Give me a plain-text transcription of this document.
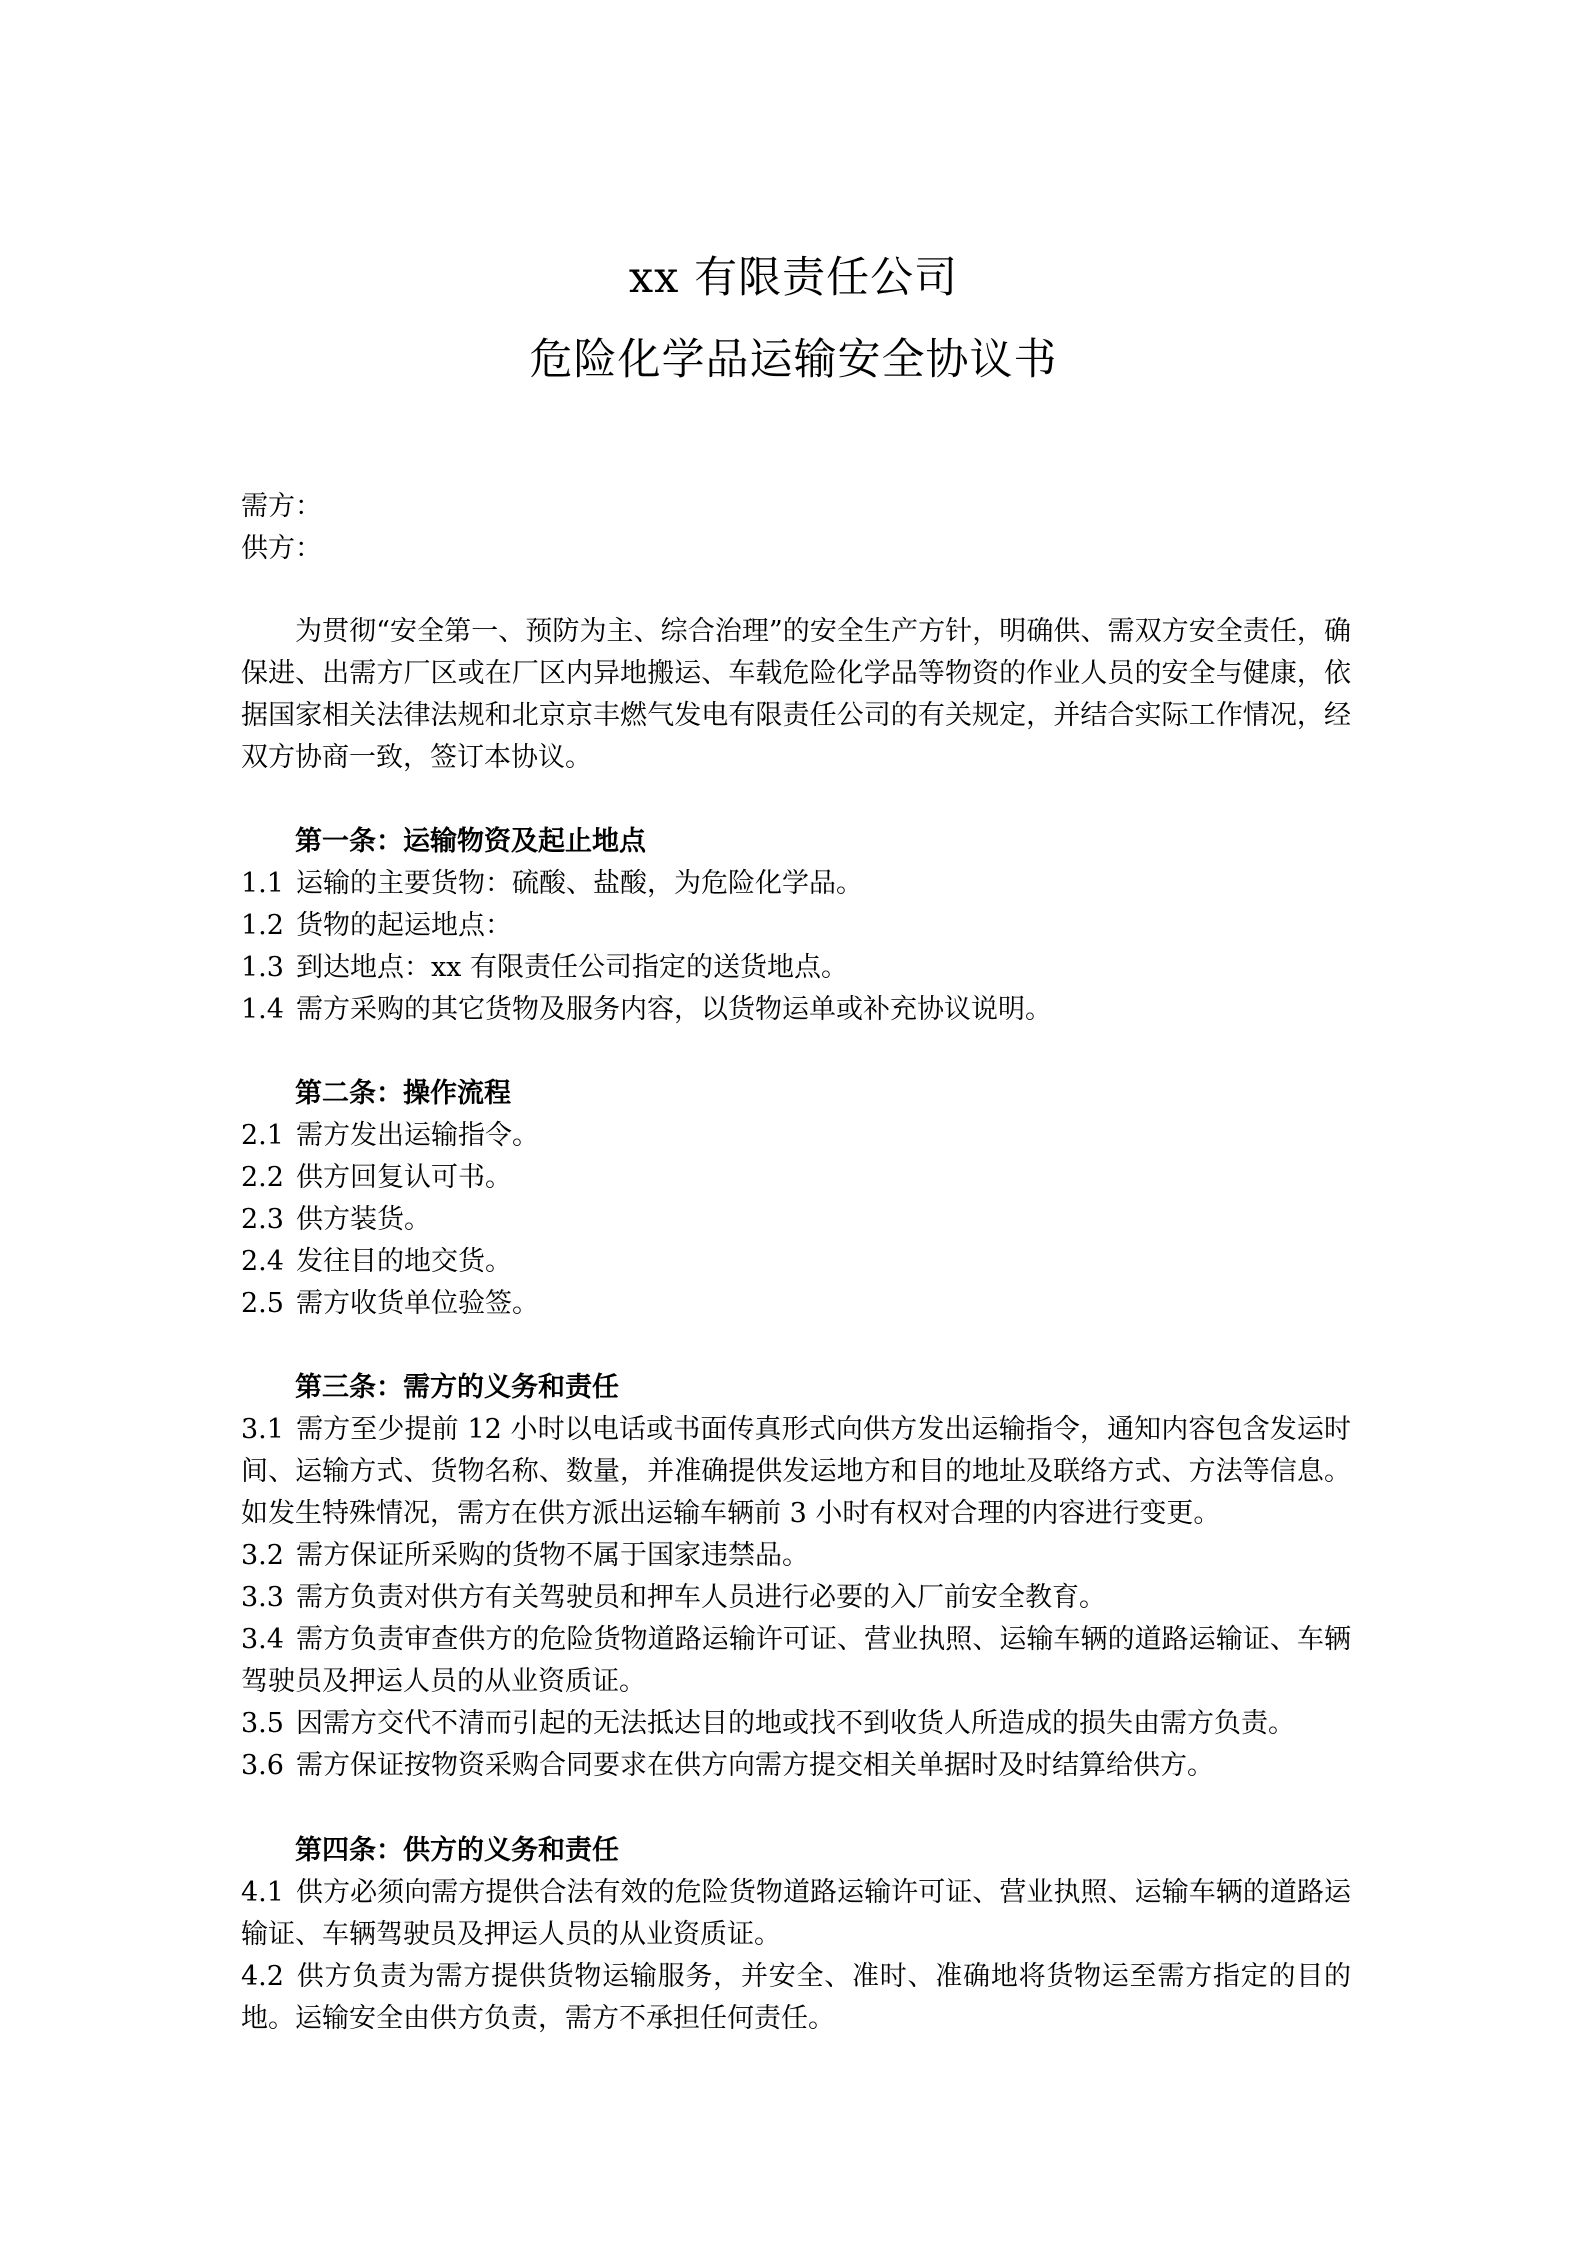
xx 有限责任公司
危险化学品运输安全协议书
需方：
供方：

为贯彻“安全第一、预防为主、综合治理”的安全生产方针，明确供、需双方安全责任，确保进、出需方厂区或在厂区内异地搬运、车载危险化学品等物资的作业人员的安全与健康，依据国家相关法律法规和北京京丰燃气发电有限责任公司的有关规定，并结合实际工作情况，经双方协商一致，签订本协议。

第一条：运输物资及起止地点

1.1 运输的主要货物：硫酸、盐酸，为危险化学品。

1.2 货物的起运地点：

1.3 到达地点：xx 有限责任公司指定的送货地点。

1.4 需方采购的其它货物及服务内容，以货物运单或补充协议说明。

第二条：操作流程

2.1 需方发出运输指令。

2.2 供方回复认可书。

2.3 供方装货。

2.4 发往目的地交货。

2.5 需方收货单位验签。

第三条：需方的义务和责任

3.1 需方至少提前 12 小时以电话或书面传真形式向供方发出运输指令，通知内容包含发运时间、运输方式、货物名称、数量，并准确提供发运地方和目的地址及联络方式、方法等信息。如发生特殊情况，需方在供方派出运输车辆前 3 小时有权对合理的内容进行变更。

3.2 需方保证所采购的货物不属于国家违禁品。

3.3 需方负责对供方有关驾驶员和押车人员进行必要的入厂前安全教育。

3.4 需方负责审查供方的危险货物道路运输许可证、营业执照、运输车辆的道路运输证、车辆驾驶员及押运人员的从业资质证。

3.5 因需方交代不清而引起的无法抵达目的地或找不到收货人所造成的损失由需方负责。

3.6 需方保证按物资采购合同要求在供方向需方提交相关单据时及时结算给供方。

第四条：供方的义务和责任

4.1 供方必须向需方提供合法有效的危险货物道路运输许可证、营业执照、运输车辆的道路运输证、车辆驾驶员及押运人员的从业资质证。

4.2 供方负责为需方提供货物运输服务，并安全、准时、准确地将货物运至需方指定的目的地。运输安全由供方负责，需方不承担任何责任。
